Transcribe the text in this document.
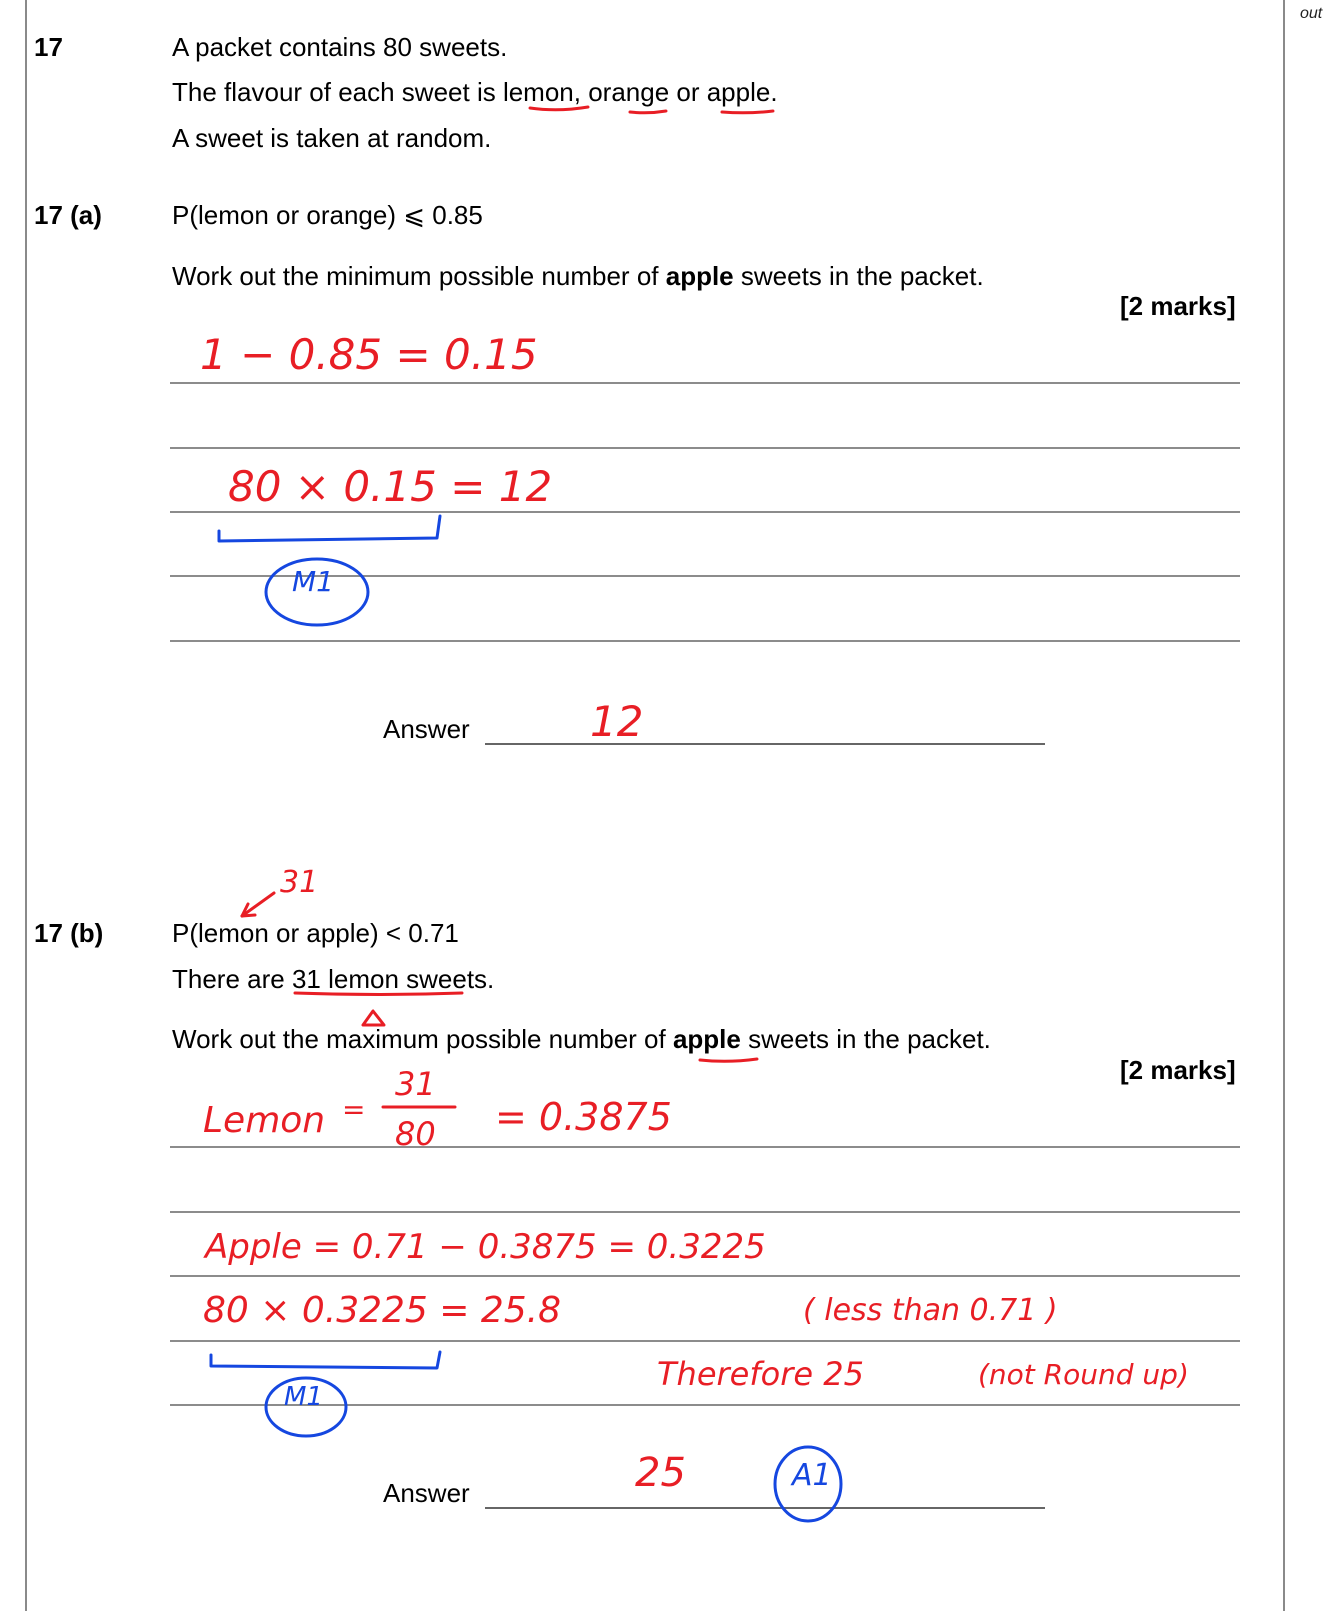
out
17	A packet contains 80 sweets.
The flavour of each sweet is lemon, orange or apple.
A sweet is taken at random.
17 (a)	P(lemon or orange) ⩽ 0.85
Work out the minimum possible number of apple sweets in the packet.
[2 marks]
1 − 0.85 = 0.15
80 × 0.15 = 12
M1
Answer	12
31
17 (b)	P(lemon or apple) < 0.71
There are 31 lemon sweets.
Work out the maximum possible number of apple sweets in the packet.
[2 marks]
Lemon =
31
80 = 0.3875
Apple = 0.71 − 0.3875 = 0.3225
80 × 0.3225 = 25.8	( less than 0.71 )
Therefore 25	(not Round up)
M1
Answer	25	A1
